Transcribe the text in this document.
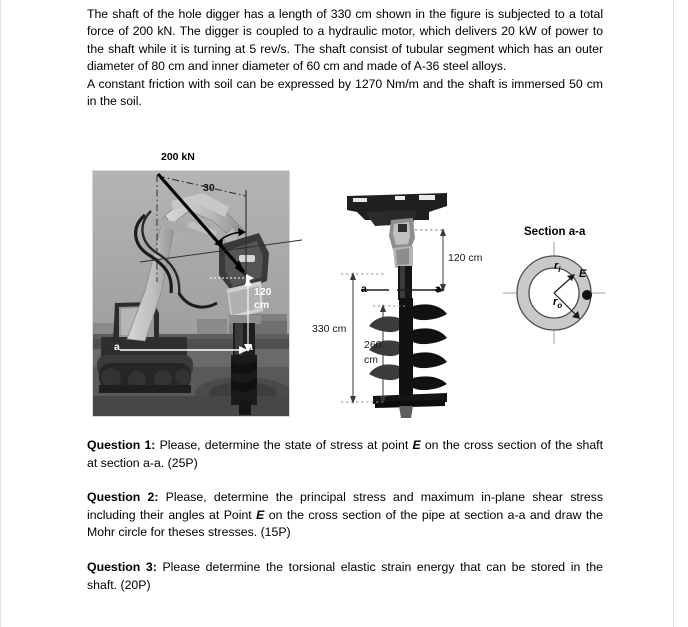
The shaft of the hole digger has a length of 330 cm shown in the figure is subjected to a total force of 200 kN. The digger is coupled to a hydraulic motor, which delivers 20 kW of power to the shaft while it is turning at 5 rev/s. The shaft consist of tubular segment which has an outer diameter of 80 cm and inner diameter of 60 cm and made of A-36 steel alloys.

A constant friction with soil can be expressed by 1270 Nm/m and the shaft is immersed 50 cm in the soil.

Question 1: Please, determine the state of stress at point E on the cross section of the shaft at section a-a. (25P)

Question 2: Please, determine the principal stress and maximum in-plane shear stress including their angles at Point E on the cross section of the pipe at section a-a and draw the Mohr circle for theses stresses. (15P)

Question 3: Please determine the torsional elastic strain energy that can be stored in the shaft. (20P)

200 kN
30
120
cm
a	a
120 cm
a	a
330 cm
260
cm
Section a-a
$r_i$
$r_o$
E
